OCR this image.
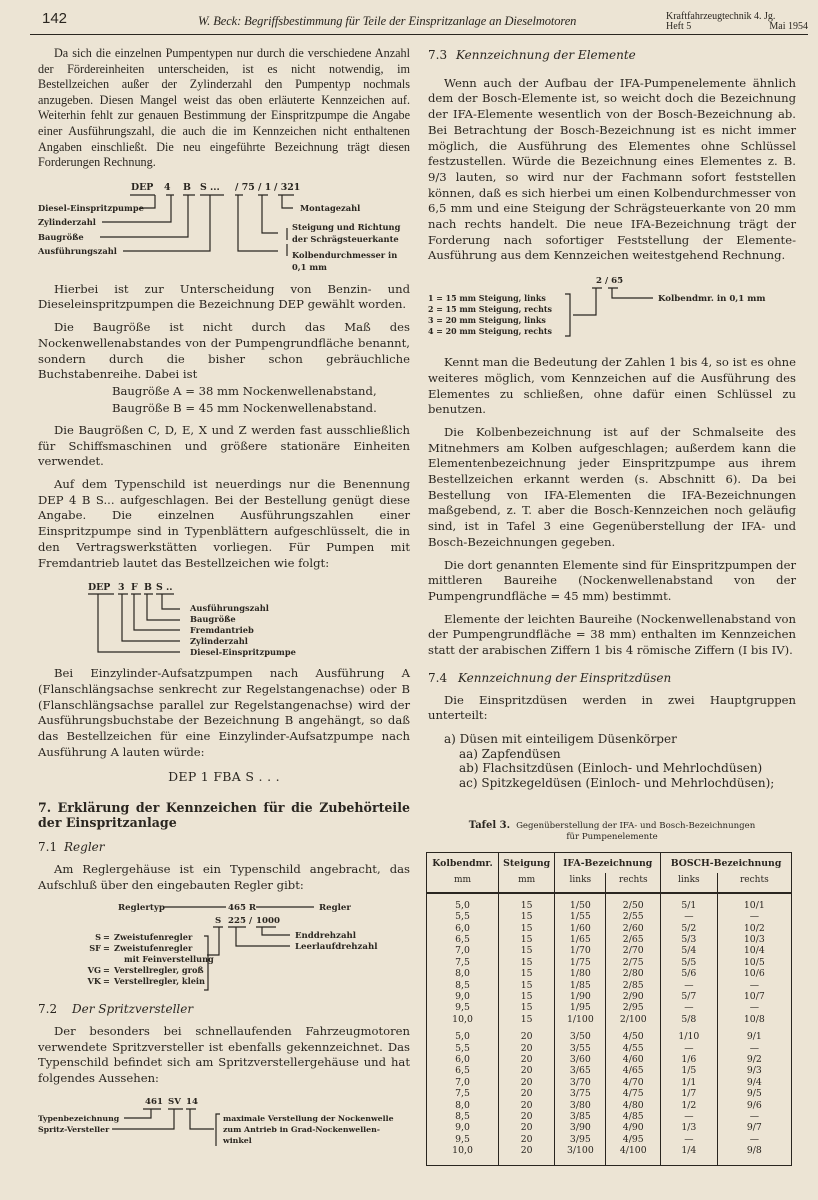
142	W. Beck: Begriffsbestimmung für Teile der Einspritzanlage an Dieselmotoren	Kraftfahrzeugtechnik 4. Jg.
Heft 5	Mai 1954

Da sich die einzelnen Pumpentypen nur durch die verschiedene Anzahl der Fördereinheiten unterscheiden, ist es nicht notwendig, im Bestellzeichen außer der Zylinderzahl den Pumpentyp nochmals anzugeben. Diesen Mangel weist das oben erläuterte Kennzeichen auf. Weiterhin fehlt zur genauen Bestimmung der Einspritzpumpe die Angabe einer Ausführungszahl, die auch die im Kennzeichen nicht enthaltenen Angaben einschließt. Die neu eingeführte Bezeichnung trägt diesen Forderungen Rechnung.

DEP 4 B S ... / 75 / 1 / 321
Diesel-Einspritzpumpe
Zylinderzahl
Baugröße
Ausführungszahl
Montagezahl
Steigung und Richtung
der Schrägsteuerkante
Kolbendurchmesser in
0,1 mm

Hierbei ist zur Unterscheidung von Benzin- und Dieseleinspritzpumpen die Bezeichnung DEP gewählt worden.

Die Baugröße ist nicht durch das Maß des Nockenwellenabstandes von der Pumpengrundfläche benannt, sondern durch die bisher schon gebräuchliche Buchstabenreihe. Dabei ist

Baugröße A = 38 mm Nockenwellenabstand,
Baugröße B = 45 mm Nockenwellenabstand.

Die Baugrößen C, D, E, X und Z werden fast ausschließlich für Schiffsmaschinen und größere stationäre Einheiten verwendet.

Auf dem Typenschild ist neuerdings nur die Benennung DEP 4 B S... aufgeschlagen. Bei der Bestellung genügt diese Angabe. Die einzelnen Ausführungszahlen einer Einspritzpumpe sind in Typenblättern aufgeschlüsselt, die in den Vertragswerkstätten vorliegen. Für Pumpen mit Fremdantrieb lautet das Bestellzeichen wie folgt:

DEP 3 F B S ..
Ausführungszahl
Baugröße
Fremdantrieb
Zylinderzahl
Diesel-Einspritzpumpe

Bei Einzylinder-Aufsatzpumpen nach Ausführung A (Flanschlängsachse senkrecht zur Regelstangenachse) oder B (Flanschlängsachse parallel zur Regelstangenachse) wird der Ausführungsbuchstabe der Bezeichnung B angehängt, so daß das Bestellzeichen für eine Einzylinder-Aufsatzpumpe nach Ausführung A lauten würde:

DEP 1 FBA S . . .
7. Erklärung der Kennzeichen für die Zubehörteile der Einspritzanlage
7.1 Regler

Am Reglergehäuse ist ein Typenschild angebracht, das Aufschluß über den eingebauten Regler gibt:

Reglertyp	465 R	Regler
S 225 / 1000
Enddrehzahl
Leerlaufdrehzahl
S = Zweistufenregler
SF = Zweistufenregler
mit Feinverstellung
VG = Verstellregler, groß
VK = Verstellregler, klein
7.2 Der Spritzversteller

Der besonders bei schnellaufenden Fahrzeugmotoren verwendete Spritzversteller ist ebenfalls gekennzeichnet. Das Typenschild befindet sich am Spritzverstellergehäuse und hat folgendes Aussehen:

461 SV 14
Typenbezeichnung
Spritz-Versteller
maximale Verstellung der Nockenwelle
zum Antrieb in Grad-Nockenwellen-
winkel
7.3 Kennzeichnung der Elemente

Wenn auch der Aufbau der IFA-Pumpenelemente ähnlich dem der Bosch-Elemente ist, so weicht doch die Bezeichnung der IFA-Elemente wesentlich von der Bosch-Bezeichnung ab. Bei Betrachtung der Bosch-Bezeichnung ist es nicht immer möglich, die Ausführung des Elementes ohne Schlüssel festzustellen. Würde die Bezeichnung eines Elementes z. B. 9/3 lauten, so wird nur der Fachmann sofort feststellen können, daß es sich hierbei um einen Kolbendurchmesser von 6,5 mm und eine Steigung der Schrägsteuerkante von 20 mm nach rechts handelt. Die neue IFA-Bezeichnung trägt der Forderung nach sofortiger Feststellung der Elemente-Ausführung aus dem Kennzeichen weitestgehend Rechnung.

2 / 65
Kolbendmr. in 0,1 mm
1 = 15 mm Steigung, links
2 = 15 mm Steigung, rechts
3 = 20 mm Steigung, links
4 = 20 mm Steigung, rechts

Kennt man die Bedeutung der Zahlen 1 bis 4, so ist es ohne weiteres möglich, vom Kennzeichen auf die Ausführung des Elementes zu schließen, ohne dafür einen Schlüssel zu benutzen.

Die Kolbenbezeichnung ist auf der Schmalseite des Mitnehmers am Kolben aufgeschlagen; außerdem kann die Elementenbezeichnung jeder Einspritzpumpe aus ihrem Bestellzeichen erkannt werden (s. Abschnitt 6). Da bei Bestellung von IFA-Elementen die IFA-Bezeichnungen maßgebend, z. T. aber die Bosch-Kennzeichen noch geläufig sind, ist in Tafel 3 eine Gegenüberstellung der IFA- und Bosch-Bezeichnungen gegeben.

Die dort genannten Elemente sind für Einspritzpumpen der mittleren Baureihe (Nockenwellenabstand von der Pumpengrundfläche = 45 mm) bestimmt.

Elemente der leichten Baureihe (Nockenwellenabstand von der Pumpengrundfläche = 38 mm) enthalten im Kennzeichen statt der arabischen Ziffern 1 bis 4 römische Ziffern (I bis IV).

7.4 Kennzeichnung der Einspritzdüsen

Die Einspritzdüsen werden in zwei Hauptgruppen unterteilt:

a) Düsen mit einteiligem Düsenkörper
aa) Zapfendüsen
ab) Flachsitzdüsen (Einloch- und Mehrlochdüsen)
ac) Spitzkegeldüsen (Einloch- und Mehrlochdüsen);
Tafel 3. Gegenüberstellung der IFA- und Bosch-Bezeichnungen
für Pumpenelemente
Kolbendmr.	Steigung	IFA-Bezeichnung		BOSCH-Bezeichnung	
mm	mm	links	rechts	links	rechts
5,0	15	1/50	2/50	5/1	10/1
5,5	15	1/55	2/55	—	—
6,0	15	1/60	2/60	5/2	10/2
6,5	15	1/65	2/65	5/3	10/3
7,0	15	1/70	2/70	5/4	10/4
7,5	15	1/75	2/75	5/5	10/5
8,0	15	1/80	2/80	5/6	10/6
8,5	15	1/85	2/85	—	—
9,0	15	1/90	2/90	5/7	10/7
9,5	15	1/95	2/95	—	—
10,0	15	1/100	2/100	5/8	10/8
5,0	20	3/50	4/50	1/10	9/1
5,5	20	3/55	4/55	—	—
6,0	20	3/60	4/60	1/6	9/2
6,5	20	3/65	4/65	1/5	9/3
7,0	20	3/70	4/70	1/1	9/4
7,5	20	3/75	4/75	1/7	9/5
8,0	20	3/80	4/80	1/2	9/6
8,5	20	3/85	4/85	—	—
9,0	20	3/90	4/90	1/3	9/7
9,5	20	3/95	4/95	—	—
10,0	20	3/100	4/100	1/4	9/8
